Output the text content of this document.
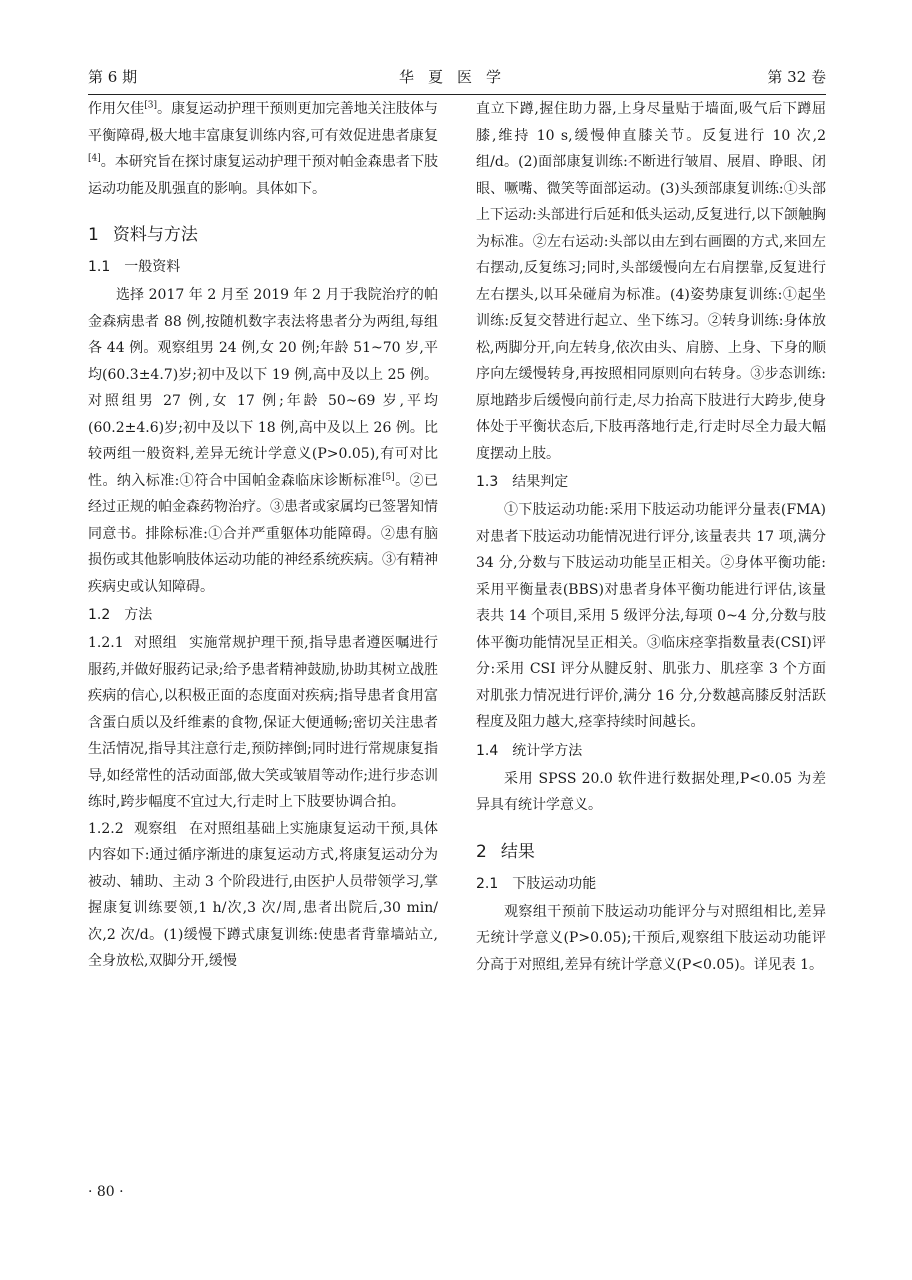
第 6 期	华夏医学	第 32 卷

作用欠佳[3]。康复运动护理干预则更加完善地关注肢体与平衡障碍,极大地丰富康复训练内容,可有效促进患者康复[4]。本研究旨在探讨康复运动护理干预对帕金森患者下肢运动功能及肌强直的影响。具体如下。

1 资料与方法
1.1 一般资料

选择 2017 年 2 月至 2019 年 2 月于我院治疗的帕金森病患者 88 例,按随机数字表法将患者分为两组,每组各 44 例。观察组男 24 例,女 20 例;年龄 51~70 岁,平均(60.3±4.7)岁;初中及以下 19 例,高中及以上 25 例。对照组男 27 例,女 17 例;年龄 50~69 岁,平均(60.2±4.6)岁;初中及以下 18 例,高中及以上 26 例。比较两组一般资料,差异无统计学意义(P>0.05),有可对比性。纳入标准:①符合中国帕金森临床诊断标准[5]。②已经过正规的帕金森药物治疗。③患者或家属均已签署知情同意书。排除标准:①合并严重躯体功能障碍。②患有脑损伤或其他影响肢体运动功能的神经系统疾病。③有精神疾病史或认知障碍。

1.2 方法

1.2.1 对照组 实施常规护理干预,指导患者遵医嘱进行服药,并做好服药记录;给予患者精神鼓励,协助其树立战胜疾病的信心,以积极正面的态度面对疾病;指导患者食用富含蛋白质以及纤维素的食物,保证大便通畅;密切关注患者生活情况,指导其注意行走,预防摔倒;同时进行常规康复指导,如经常性的活动面部,做大笑或皱眉等动作;进行步态训练时,跨步幅度不宜过大,行走时上下肢要协调合拍。

1.2.2 观察组 在对照组基础上实施康复运动干预,具体内容如下:通过循序渐进的康复运动方式,将康复运动分为被动、辅助、主动 3 个阶段进行,由医护人员带领学习,掌握康复训练要领,1 h/次,3 次/周,患者出院后,30 min/次,2 次/d。(1)缓慢下蹲式康复训练:使患者背靠墙站立,全身放松,双脚分开,缓慢

直立下蹲,握住助力器,上身尽量贴于墙面,吸气后下蹲屈膝,维持 10 s,缓慢伸直膝关节。反复进行 10 次,2 组/d。(2)面部康复训练:不断进行皱眉、展眉、睁眼、闭眼、噘嘴、微笑等面部运动。(3)头颈部康复训练:①头部上下运动:头部进行后延和低头运动,反复进行,以下颌触胸为标准。②左右运动:头部以由左到右画圈的方式,来回左右摆动,反复练习;同时,头部缓慢向左右肩摆靠,反复进行左右摆头,以耳朵碰肩为标准。(4)姿势康复训练:①起坐训练:反复交替进行起立、坐下练习。②转身训练:身体放松,两脚分开,向左转身,依次由头、肩膀、上身、下身的顺序向左缓慢转身,再按照相同原则向右转身。③步态训练:原地踏步后缓慢向前行走,尽力抬高下肢进行大跨步,使身体处于平衡状态后,下肢再落地行走,行走时尽全力最大幅度摆动上肢。

1.3 结果判定

①下肢运动功能:采用下肢运动功能评分量表(FMA)对患者下肢运动功能情况进行评分,该量表共 17 项,满分 34 分,分数与下肢运动功能呈正相关。②身体平衡功能:采用平衡量表(BBS)对患者身体平衡功能进行评估,该量表共 14 个项目,采用 5 级评分法,每项 0~4 分,分数与肢体平衡功能情况呈正相关。③临床痉挛指数量表(CSI)评分:采用 CSI 评分从腱反射、肌张力、肌痉挛 3 个方面对肌张力情况进行评价,满分 16 分,分数越高膝反射活跃程度及阻力越大,痉挛持续时间越长。

1.4 统计学方法

采用 SPSS 20.0 软件进行数据处理,P<0.05 为差异具有统计学意义。

2 结果
2.1 下肢运动功能

观察组干预前下肢运动功能评分与对照组相比,差异无统计学意义(P>0.05);干预后,观察组下肢运动功能评分高于对照组,差异有统计学意义(P<0.05)。详见表 1。

· 80 ·
